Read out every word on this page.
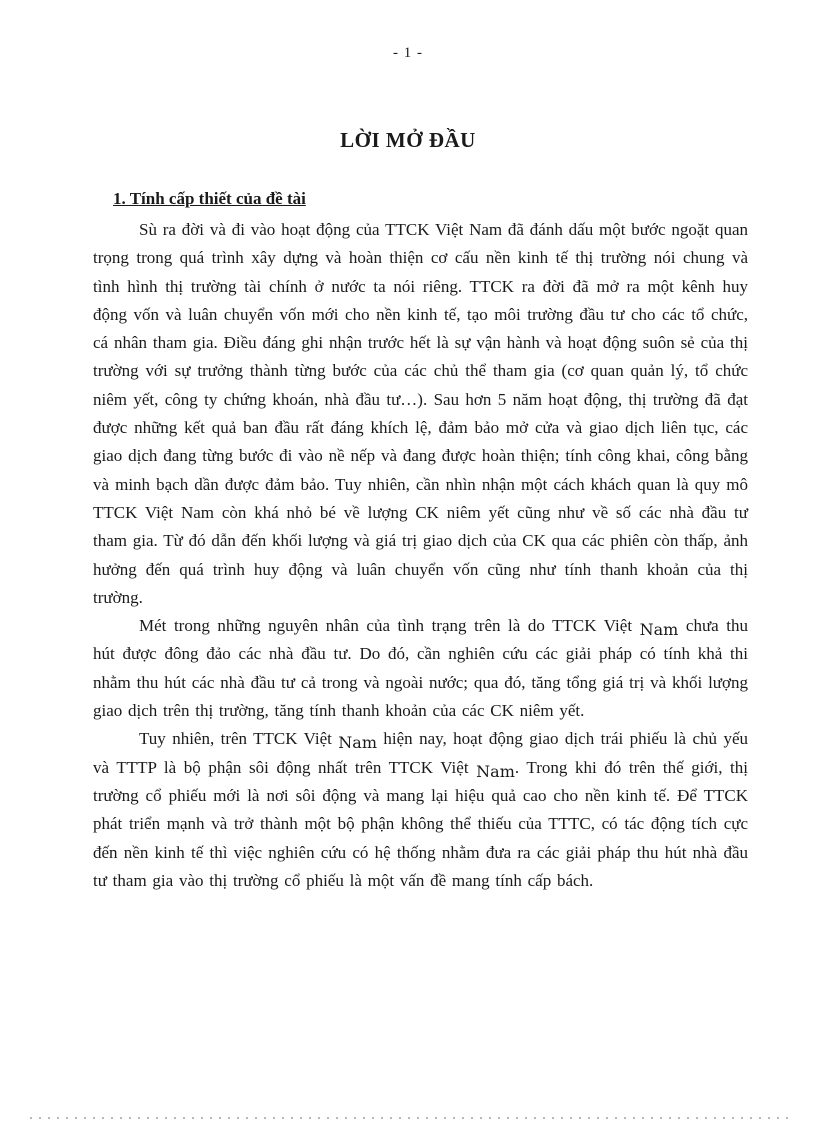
- 1 -
LỜI MỞ ĐẦU
1. Tính cấp thiết của đề tài

Sù ra đời và đi vào hoạt động của TTCK Việt Nam đã đánh dấu một bước ngoặt quan trọng trong quá trình xây dựng và hoàn thiện cơ cấu nền kinh tế thị trường nói chung và tình hình thị trường tài chính ở nước ta nói riêng. TTCK ra đời đã mở ra một kênh huy động vốn và luân chuyển vốn mới cho nền kinh tế, tạo môi trường đầu tư cho các tổ chức, cá nhân tham gia. Điều đáng ghi nhận trước hết là sự vận hành và hoạt động suôn sẻ của thị trường với sự trưởng thành từng bước của các chủ thể tham gia (cơ quan quản lý, tổ chức niêm yết, công ty chứng khoán, nhà đầu tư…). Sau hơn 5 năm hoạt động, thị trường đã đạt được những kết quả ban đầu rất đáng khích lệ, đảm bảo mở cửa và giao dịch liên tục, các giao dịch đang từng bước đi vào nề nếp và đang được hoàn thiện; tính công khai, công bằng và minh bạch dần được đảm bảo. Tuy nhiên, cần nhìn nhận một cách khách quan là quy mô TTCK Việt Nam còn khá nhỏ bé về lượng CK niêm yết cũng như về số các nhà đầu tư tham gia. Từ đó dẫn đến khối lượng và giá trị giao dịch của CK qua các phiên còn thấp, ảnh hưởng đến quá trình huy động và luân chuyển vốn cũng như tính thanh khoản của thị trường.

Mét trong những nguyên nhân của tình trạng trên là do TTCK Việt Nam chưa thu hút được đông đảo các nhà đầu tư. Do đó, cần nghiên cứu các giải pháp có tính khả thi nhằm thu hút các nhà đầu tư cả trong và ngoài nước; qua đó, tăng tổng giá trị và khối lượng giao dịch trên thị trường, tăng tính thanh khoản của các CK niêm yết.

Tuy nhiên, trên TTCK Việt Nam hiện nay, hoạt động giao dịch trái phiếu là chủ yếu và TTTP là bộ phận sôi động nhất trên TTCK Việt Nam. Trong khi đó trên thế giới, thị trường cổ phiếu mới là nơi sôi động và mang lại hiệu quả cao cho nền kinh tế. Để TTCK phát triển mạnh và trở thành một bộ phận không thể thiếu của TTTC, có tác động tích cực đến nền kinh tế thì việc nghiên cứu có hệ thống nhằm đưa ra các giải pháp thu hút nhà đầu tư tham gia vào thị trường cổ phiếu là một vấn đề mang tính cấp bách.
